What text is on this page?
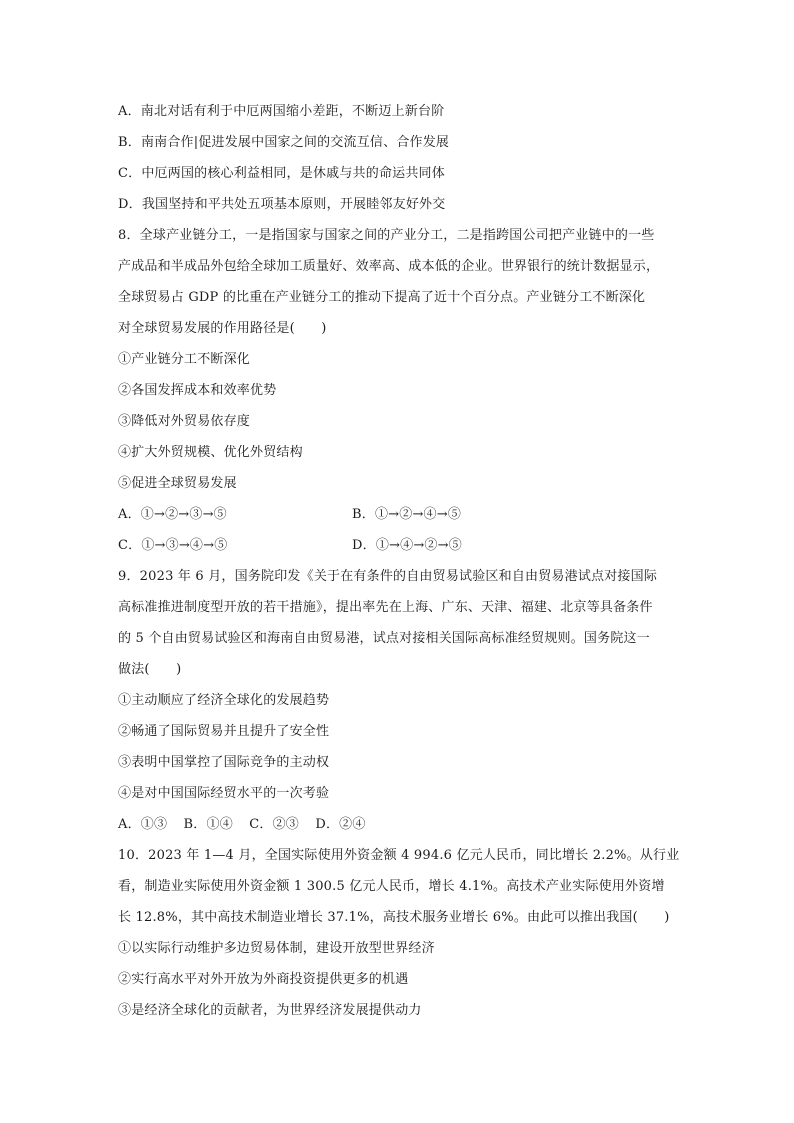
A．南北对话有利于中厄两国缩小差距，不断迈上新台阶
B．南南合作|促进发展中国家之间的交流互信、合作发展
C．中厄两国的核心利益相同，是休戚与共的命运共同体
D．我国坚持和平共处五项基本原则，开展睦邻友好外交
8．全球产业链分工，一是指国家与国家之间的产业分工，二是指跨国公司把产业链中的一些
产成品和半成品外包给全球加工质量好、效率高、成本低的企业。世界银行的统计数据显示，
全球贸易占 GDP 的比重在产业链分工的推动下提高了近十个百分点。产业链分工不断深化
对全球贸易发展的作用路径是(　　)
①产业链分工不断深化
②各国发挥成本和效率优势
③降低对外贸易依存度
④扩大外贸规模、优化外贸结构
⑤促进全球贸易发展
A．①→②→③→⑤	B．①→②→④→⑤
C．①→③→④→⑤	D．①→④→②→⑤
9．2023 年 6 月，国务院印发《关于在有条件的自由贸易试验区和自由贸易港试点对接国际
高标准推进制度型开放的若干措施》，提出率先在上海、广东、天津、福建、北京等具备条件
的 5 个自由贸易试验区和海南自由贸易港，试点对接相关国际高标准经贸规则。国务院这一
做法(　　)
①主动顺应了经济全球化的发展趋势
②畅通了国际贸易并且提升了安全性
③表明中国掌控了国际竞争的主动权
④是对中国国际经贸水平的一次考验
A．①③ B．①④ C．②③ D．②④
10．2023 年 1—4 月，全国实际使用外资金额 4 994.6 亿元人民币，同比增长 2.2%。从行业
看，制造业实际使用外资金额 1 300.5 亿元人民币，增长 4.1%。高技术产业实际使用外资增
长 12.8%，其中高技术制造业增长 37.1%，高技术服务业增长 6%。由此可以推出我国(　　)
①以实际行动维护多边贸易体制，建设开放型世界经济
②实行高水平对外开放为外商投资提供更多的机遇
③是经济全球化的贡献者，为世界经济发展提供动力
